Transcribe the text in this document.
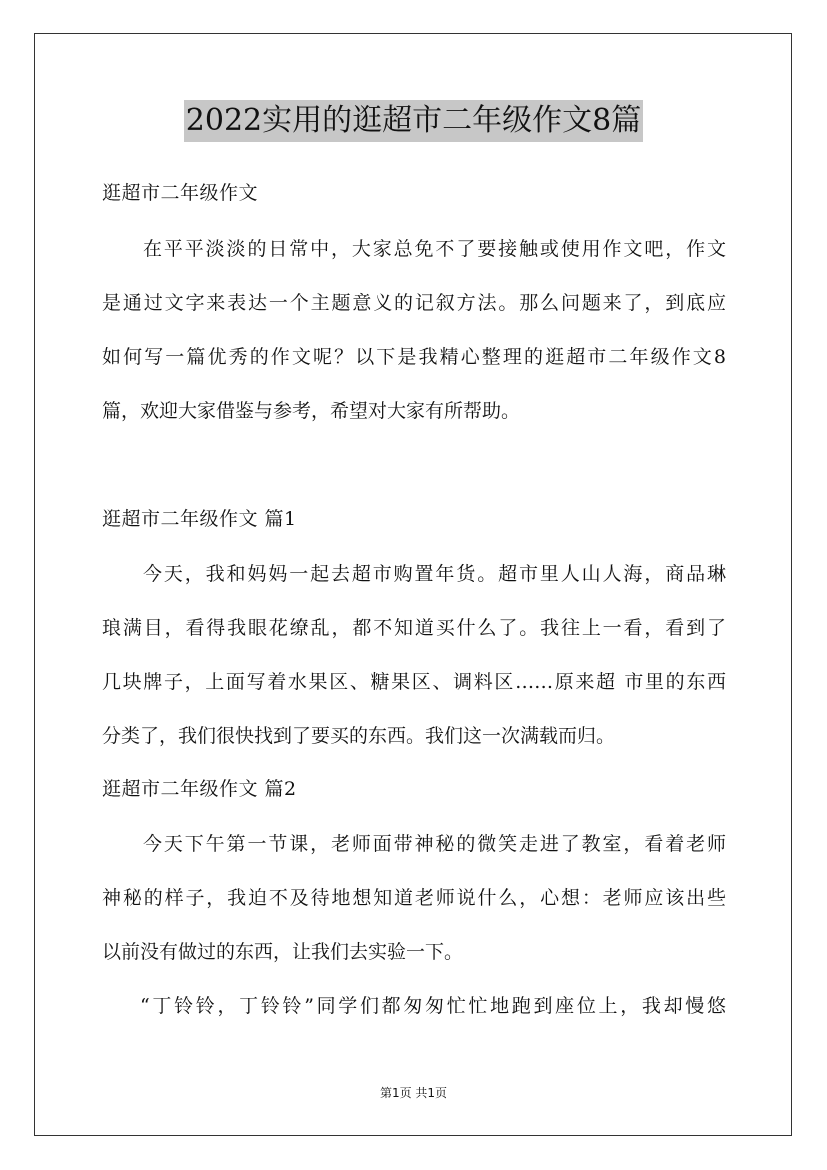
2022实用的逛超市二年级作文8篇
逛超市二年级作文
在平平淡淡的日常中，大家总免不了要接触或使用作文吧，作文
是通过文字来表达一个主题意义的记叙方法。那么问题来了，到底应
如何写一篇优秀的作文呢？以下是我精心整理的逛超市二年级作文8
篇，欢迎大家借鉴与参考，希望对大家有所帮助。
逛超市二年级作文 篇1
今天，我和妈妈一起去超市购置年货。超市里人山人海，商品琳
琅满目，看得我眼花缭乱，都不知道买什么了。我往上一看，看到了
几块牌子，上面写着水果区、糖果区、调料区……原来超 市里的东西
分类了，我们很快找到了要买的东西。我们这一次满载而归。
逛超市二年级作文 篇2
今天下午第一节课，老师面带神秘的微笑走进了教室，看着老师
神秘的样子，我迫不及待地想知道老师说什么，心想：老师应该出些
以前没有做过的东西，让我们去实验一下。
“丁铃铃，丁铃铃”同学们都匆匆忙忙地跑到座位上，我却慢悠
第1页 共1页
